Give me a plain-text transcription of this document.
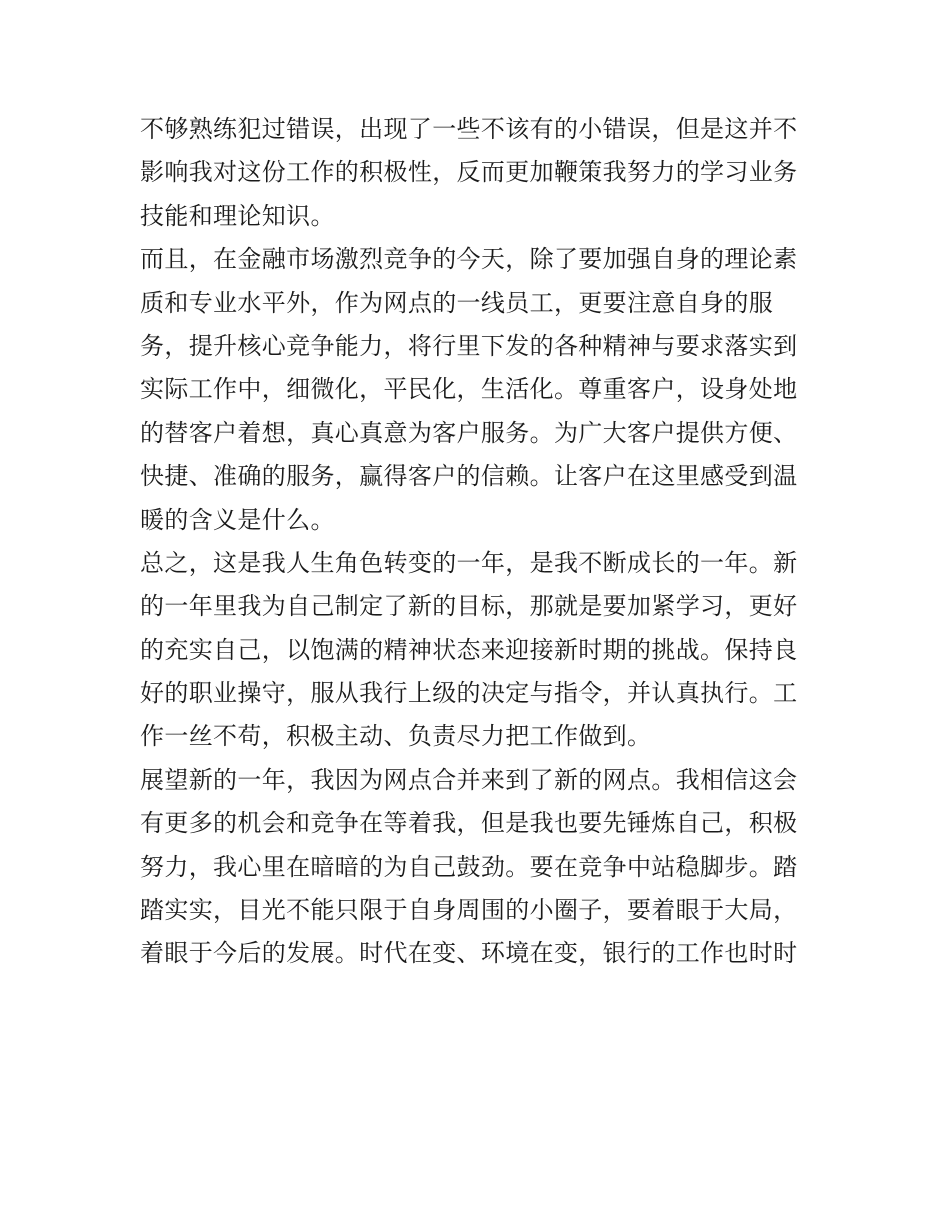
不够熟练犯过错误，出现了一些不该有的小错误，但是这并不
影响我对这份工作的积极性，反而更加鞭策我努力的学习业务
技能和理论知识。
而且，在金融市场激烈竞争的今天，除了要加强自身的理论素
质和专业水平外，作为网点的一线员工，更要注意自身的服
务，提升核心竞争能力，将行里下发的各种精神与要求落实到
实际工作中，细微化，平民化，生活化。尊重客户，设身处地
的替客户着想，真心真意为客户服务。为广大客户提供方便、
快捷、准确的服务，赢得客户的信赖。让客户在这里感受到温
暖的含义是什么。
总之，这是我人生角色转变的一年，是我不断成长的一年。新
的一年里我为自己制定了新的目标，那就是要加紧学习，更好
的充实自己，以饱满的精神状态来迎接新时期的挑战。保持良
好的职业操守，服从我行上级的决定与指令，并认真执行。工
作一丝不苟，积极主动、负责尽力把工作做到。
展望新的一年，我因为网点合并来到了新的网点。我相信这会
有更多的机会和竞争在等着我，但是我也要先锤炼自己，积极
努力，我心里在暗暗的为自己鼓劲。要在竞争中站稳脚步。踏
踏实实，目光不能只限于自身周围的小圈子，要着眼于大局，
着眼于今后的发展。时代在变、环境在变，银行的工作也时时
